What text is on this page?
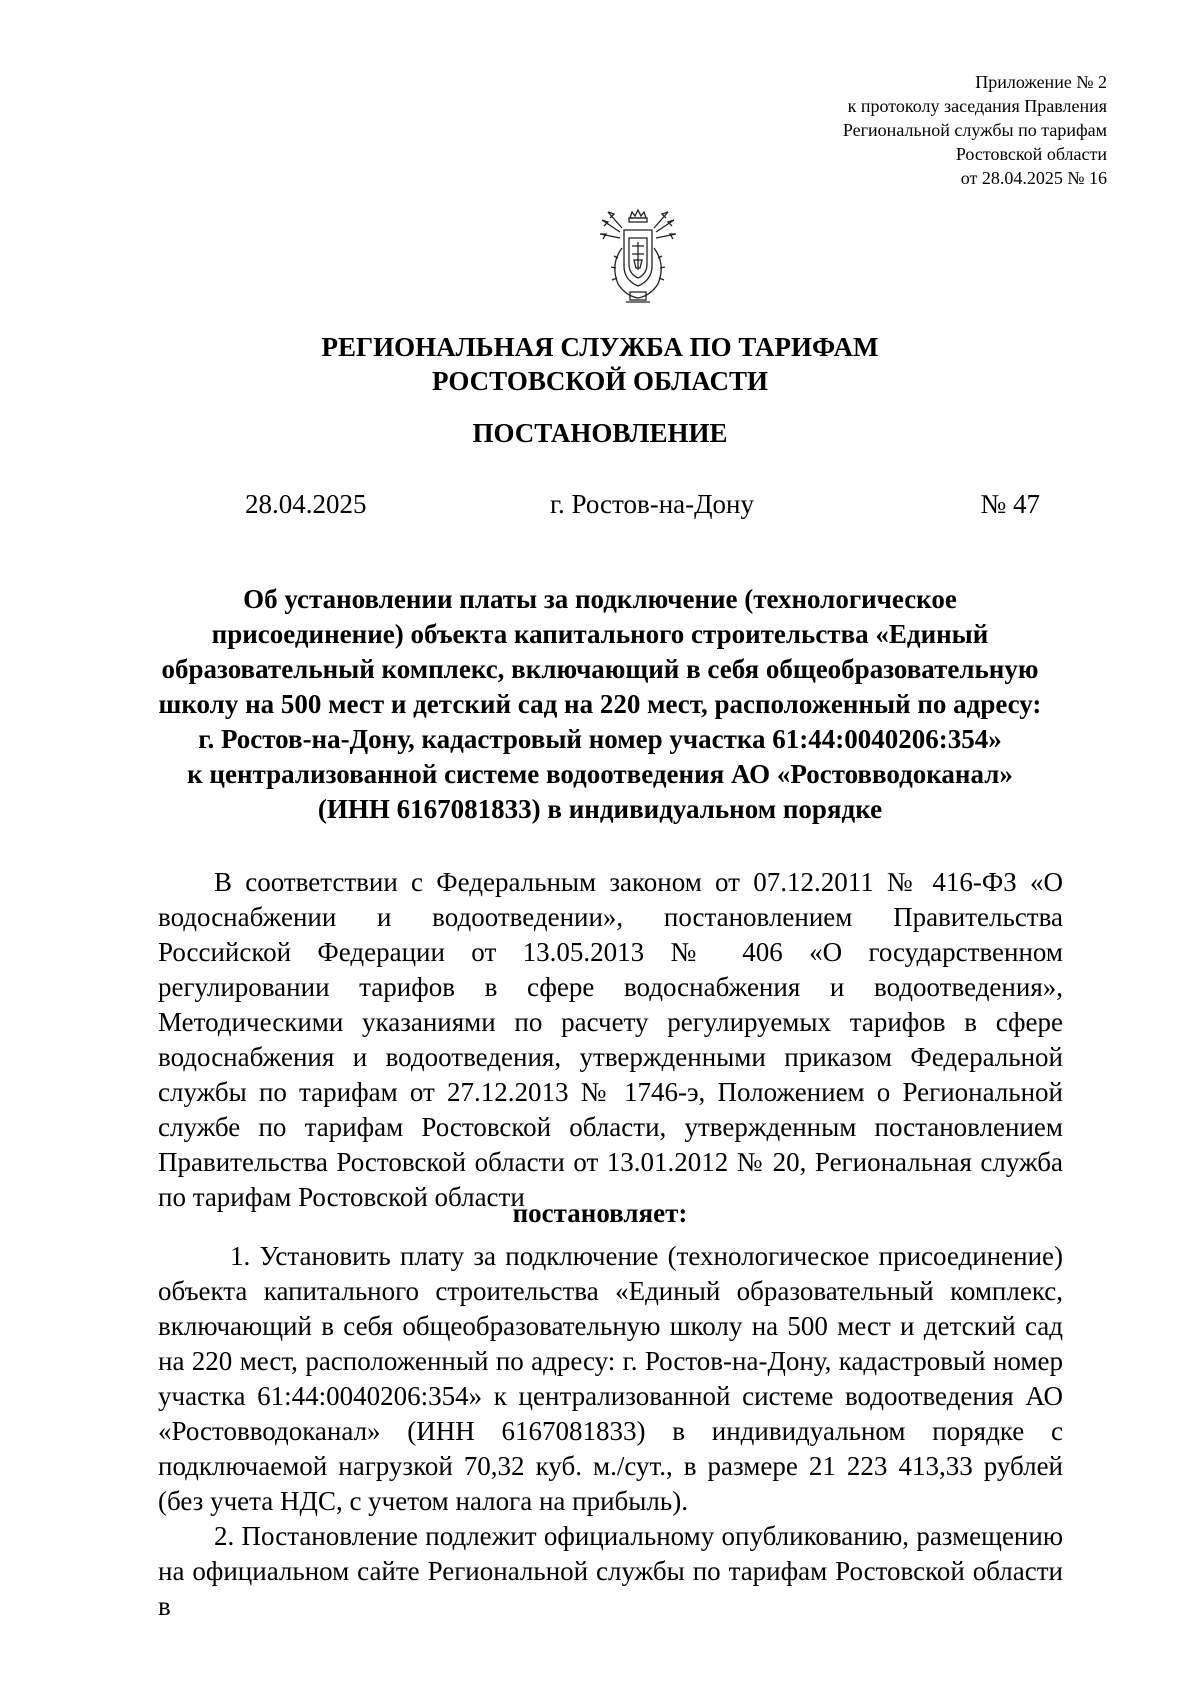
Приложение № 2
к протоколу заседания Правления
Региональной службы по тарифам
Ростовской области
от 28.04.2025 № 16
РЕГИОНАЛЬНАЯ СЛУЖБА ПО ТАРИФАМ
РОСТОВСКОЙ ОБЛАСТИ
ПОСТАНОВЛЕНИЕ
28.04.2025	г. Ростов-на-Дону	№ 47
Об установлении платы за подключение (технологическое
присоединение) объекта капитального строительства «Единый
образовательный комплекс, включающий в себя общеобразовательную
школу на 500 мест и детский сад на 220 мест, расположенный по адресу:
г. Ростов-на-Дону, кадастровый номер участка 61:44:0040206:354»
к централизованной системе водоотведения АО «Ростовводоканал»
(ИНН 6167081833) в индивидуальном порядке

В соответствии с Федеральным законом от 07.12.2011 № 416-ФЗ «О водоснабжении и водоотведении», постановлением Правительства Российской Федерации от 13.05.2013 № 406 «О государственном регулировании тарифов в сфере водоснабжения и водоотведения», Методическими указаниями по расчету регулируемых тарифов в сфере водоснабжения и водоотведения, утвержденными приказом Федеральной службы по тарифам от 27.12.2013 № 1746-э, Положением о Региональной службе по тарифам Ростовской области, утвержденным постановлением Правительства Ростовской области от 13.01.2012 № 20, Региональная служба по тарифам Ростовской области

постановляет:

1. Установить плату за подключение (технологическое присоединение) объекта капитального строительства «Единый образовательный комплекс, включающий в себя общеобразовательную школу на 500 мест и детский сад на 220 мест, расположенный по адресу: г. Ростов-на-Дону, кадастровый номер участка 61:44:0040206:354» к централизованной системе водоотведения АО «Ростовводоканал» (ИНН 6167081833) в индивидуальном порядке с подключаемой нагрузкой 70,32 куб. м./сут., в размере 21 223 413,33 рублей (без учета НДС, с учетом налога на прибыль).

2. Постановление подлежит официальному опубликованию, размещению на официальном сайте Региональной службы по тарифам Ростовской области в
